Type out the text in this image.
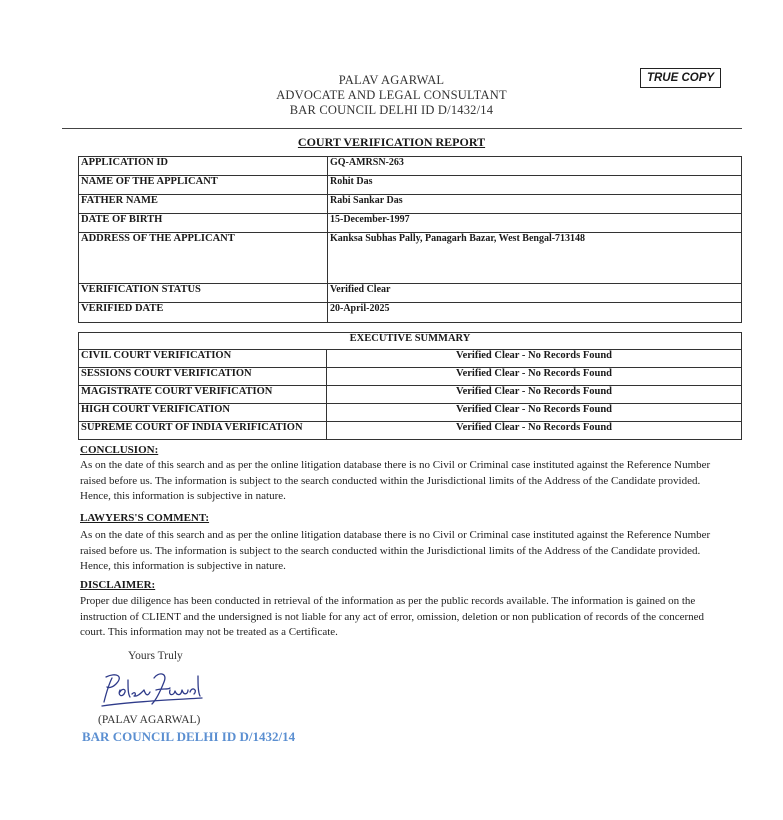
PALAV AGARWAL
ADVOCATE AND LEGAL CONSULTANT
BAR COUNCIL DELHI ID D/1432/14
TRUE COPY
COURT VERIFICATION REPORT
APPLICATION ID	GQ-AMRSN-263
NAME OF THE APPLICANT	Rohit Das
FATHER NAME	Rabi Sankar Das
DATE OF BIRTH	15-December-1997
ADDRESS OF THE APPLICANT	Kanksa Subhas Pally, Panagarh Bazar, West Bengal-713148
VERIFICATION STATUS	Verified Clear
VERIFIED DATE	20-April-2025
EXECUTIVE SUMMARY	
CIVIL COURT VERIFICATION	Verified Clear - No Records Found
SESSIONS COURT VERIFICATION	Verified Clear - No Records Found
MAGISTRATE COURT VERIFICATION	Verified Clear - No Records Found
HIGH COURT VERIFICATION	Verified Clear - No Records Found
SUPREME COURT OF INDIA VERIFICATION	Verified Clear - No Records Found
CONCLUSION:
As on the date of this search and as per the online litigation database there is no Civil or Criminal case instituted against the Reference Number raised before us. The information is subject to the search conducted within the Jurisdictional limits of the Address of the Candidate provided. Hence, this information is subjective in nature.
LAWYERS'S COMMENT:
As on the date of this search and as per the online litigation database there is no Civil or Criminal case instituted against the Reference Number raised before us. The information is subject to the search conducted within the Jurisdictional limits of the Address of the Candidate provided. Hence, this information is subjective in nature.
DISCLAIMER:
Proper due diligence has been conducted in retrieval of the information as per the public records available. The information is gained on the instruction of CLIENT and the undersigned is not liable for any act of error, omission, deletion or non publication of records of the concerned court. This information may not be treated as a Certificate.
Yours Truly
(PALAV AGARWAL)
BAR COUNCIL DELHI ID D/1432/14
